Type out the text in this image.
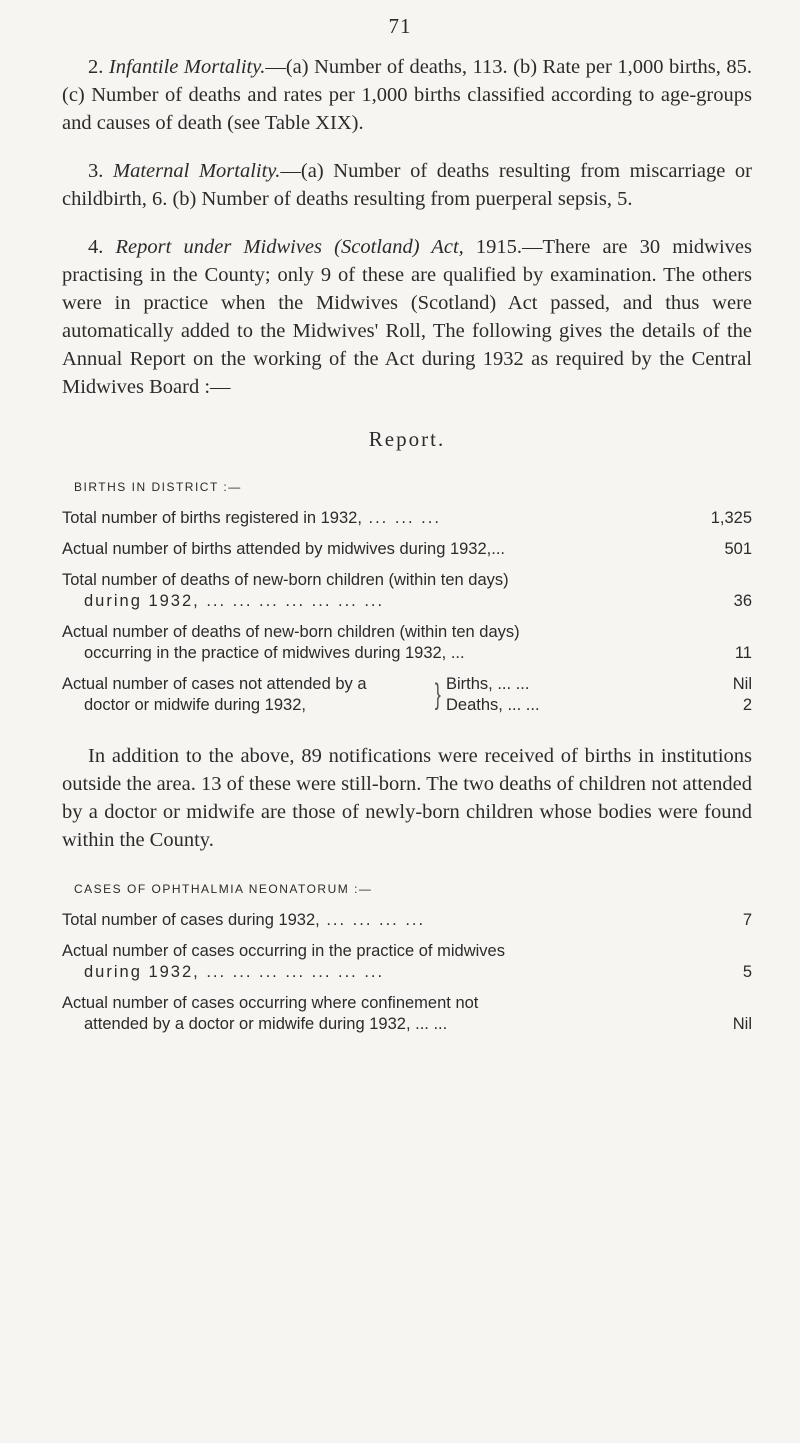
71

2. Infantile Mortality.—(a) Number of deaths, 113. (b) Rate per 1,000 births, 85. (c) Number of deaths and rates per 1,000 births classified according to age-groups and causes of death (see Table XIX).

3. Maternal Mortality.—(a) Number of deaths resulting from miscarriage or childbirth, 6. (b) Number of deaths resulting from puerperal sepsis, 5.

4. Report under Midwives (Scotland) Act, 1915.—There are 30 midwives practising in the County; only 9 of these are qualified by examination. The others were in practice when the Midwives (Scotland) Act passed, and thus were automatically added to the Midwives' Roll, The following gives the details of the Annual Report on the working of the Act during 1932 as required by the Central Midwives Board :—

Report.
BIRTHS IN DISTRICT :—
Total number of births registered in 1932, ... ... ...	1,325
Actual number of births attended by midwives during 1932,...	501
Total number of deaths of new-born children (within ten days)
during 1932, ... ... ... ... ... ... ...	36
Actual number of deaths of new-born children (within ten days)
occurring in the practice of midwives during 1932, ...	11
Actual number of cases not attended by a
doctor or midwife during 1932,	} Births, ... ...	Nil
Deaths, ... ...	2

In addition to the above, 89 notifications were received of births in institutions outside the area. 13 of these were still-born. The two deaths of children not attended by a doctor or midwife are those of newly-born children whose bodies were found within the County.

CASES OF OPHTHALMIA NEONATORUM :—
Total number of cases during 1932, ... ... ... ...	7
Actual number of cases occurring in the practice of midwives
during 1932, ... ... ... ... ... ... ...	5
Actual number of cases occurring where confinement not
attended by a doctor or midwife during 1932, ... ...	Nil
